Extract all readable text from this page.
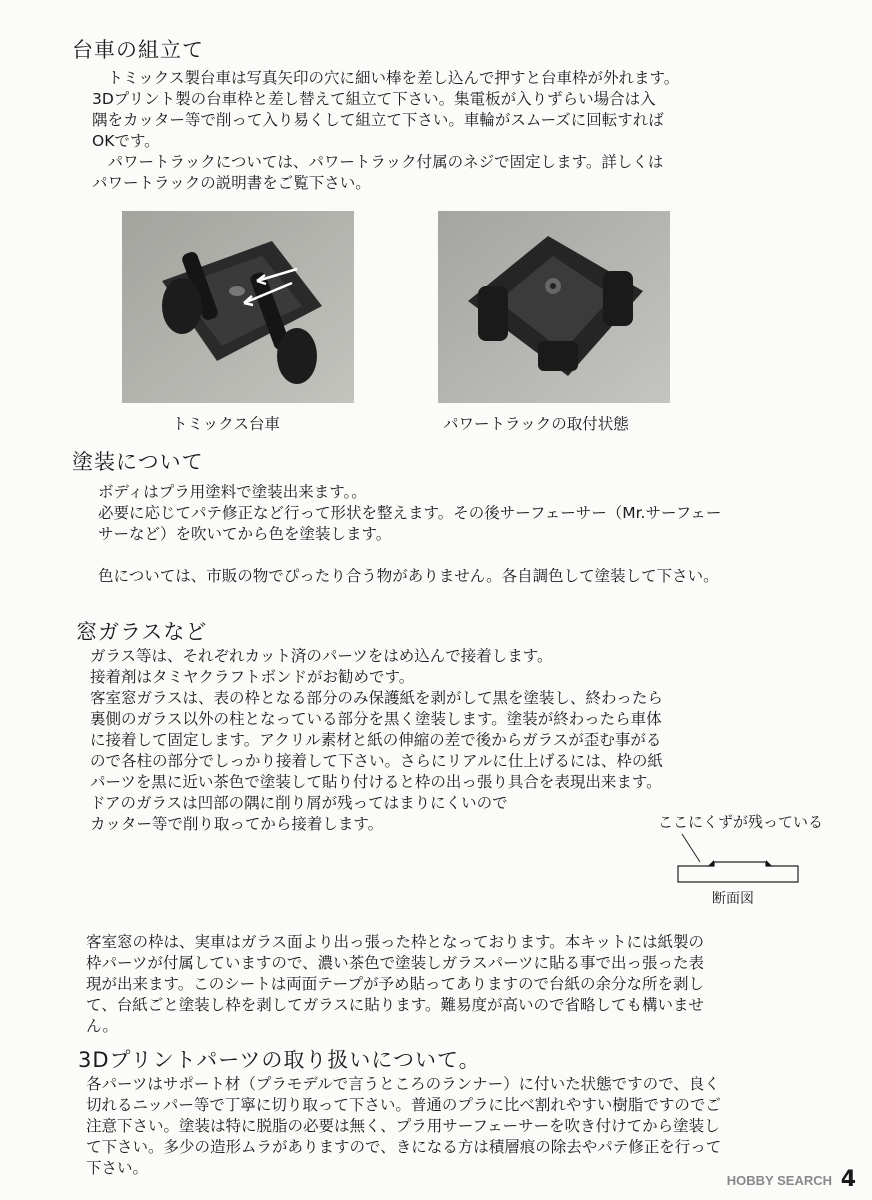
台車の組立て
　トミックス製台車は写真矢印の穴に細い棒を差し込んで押すと台車枠が外れます。
3Dプリント製の台車枠と差し替えて組立て下さい。集電板が入りずらい場合は入
隅をカッター等で削って入り易くして組立て下さい。車輪がスムーズに回転すれば
OKです。
　パワートラックについては、パワートラック付属のネジで固定します。詳しくは
パワートラックの説明書をご覧下さい。
トミックス台車	パワートラックの取付状態
塗装について
ボディはプラ用塗料で塗装出来ます。。
必要に応じてパテ修正など行って形状を整えます。その後サーフェーサー（Mr.サーフェー
サーなど）を吹いてから色を塗装します。
色については、市販の物でぴったり合う物がありません。各自調色して塗装して下さい。
窓ガラスなど
ガラス等は、それぞれカット済のパーツをはめ込んで接着します。
接着剤はタミヤクラフトボンドがお勧めです。
客室窓ガラスは、表の枠となる部分のみ保護紙を剥がして黒を塗装し、終わったら
裏側のガラス以外の柱となっている部分を黒く塗装します。塗装が終わったら車体
に接着して固定します。アクリル素材と紙の伸縮の差で後からガラスが歪む事がる
ので各柱の部分でしっかり接着して下さい。さらにリアルに仕上げるには、枠の紙
パーツを黒に近い茶色で塗装して貼り付けると枠の出っ張り具合を表現出来ます。
ドアのガラスは凹部の隅に削り屑が残ってはまりにくいので
カッター等で削り取ってから接着します。	ここにくずが残っている
断面図
客室窓の枠は、実車はガラス面より出っ張った枠となっております。本キットには紙製の
枠パーツが付属していますので、濃い茶色で塗装しガラスパーツに貼る事で出っ張った表
現が出来ます。このシートは両面テープが予め貼ってありますので台紙の余分な所を剥し
て、台紙ごと塗装し枠を剥してガラスに貼ります。難易度が高いので省略しても構いませ
ん。
3Dプリントパーツの取り扱いについて。
各パーツはサポート材（プラモデルで言うところのランナー）に付いた状態ですので、良く
切れるニッパー等で丁寧に切り取って下さい。普通のプラに比べ割れやすい樹脂ですのでご
注意下さい。塗装は特に脱脂の必要は無く、プラ用サーフェーサーを吹き付けてから塗装し
て下さい。多少の造形ムラがありますので、きになる方は積層痕の除去やパテ修正を行って
下さい。
HOBBY SEARCH 4
